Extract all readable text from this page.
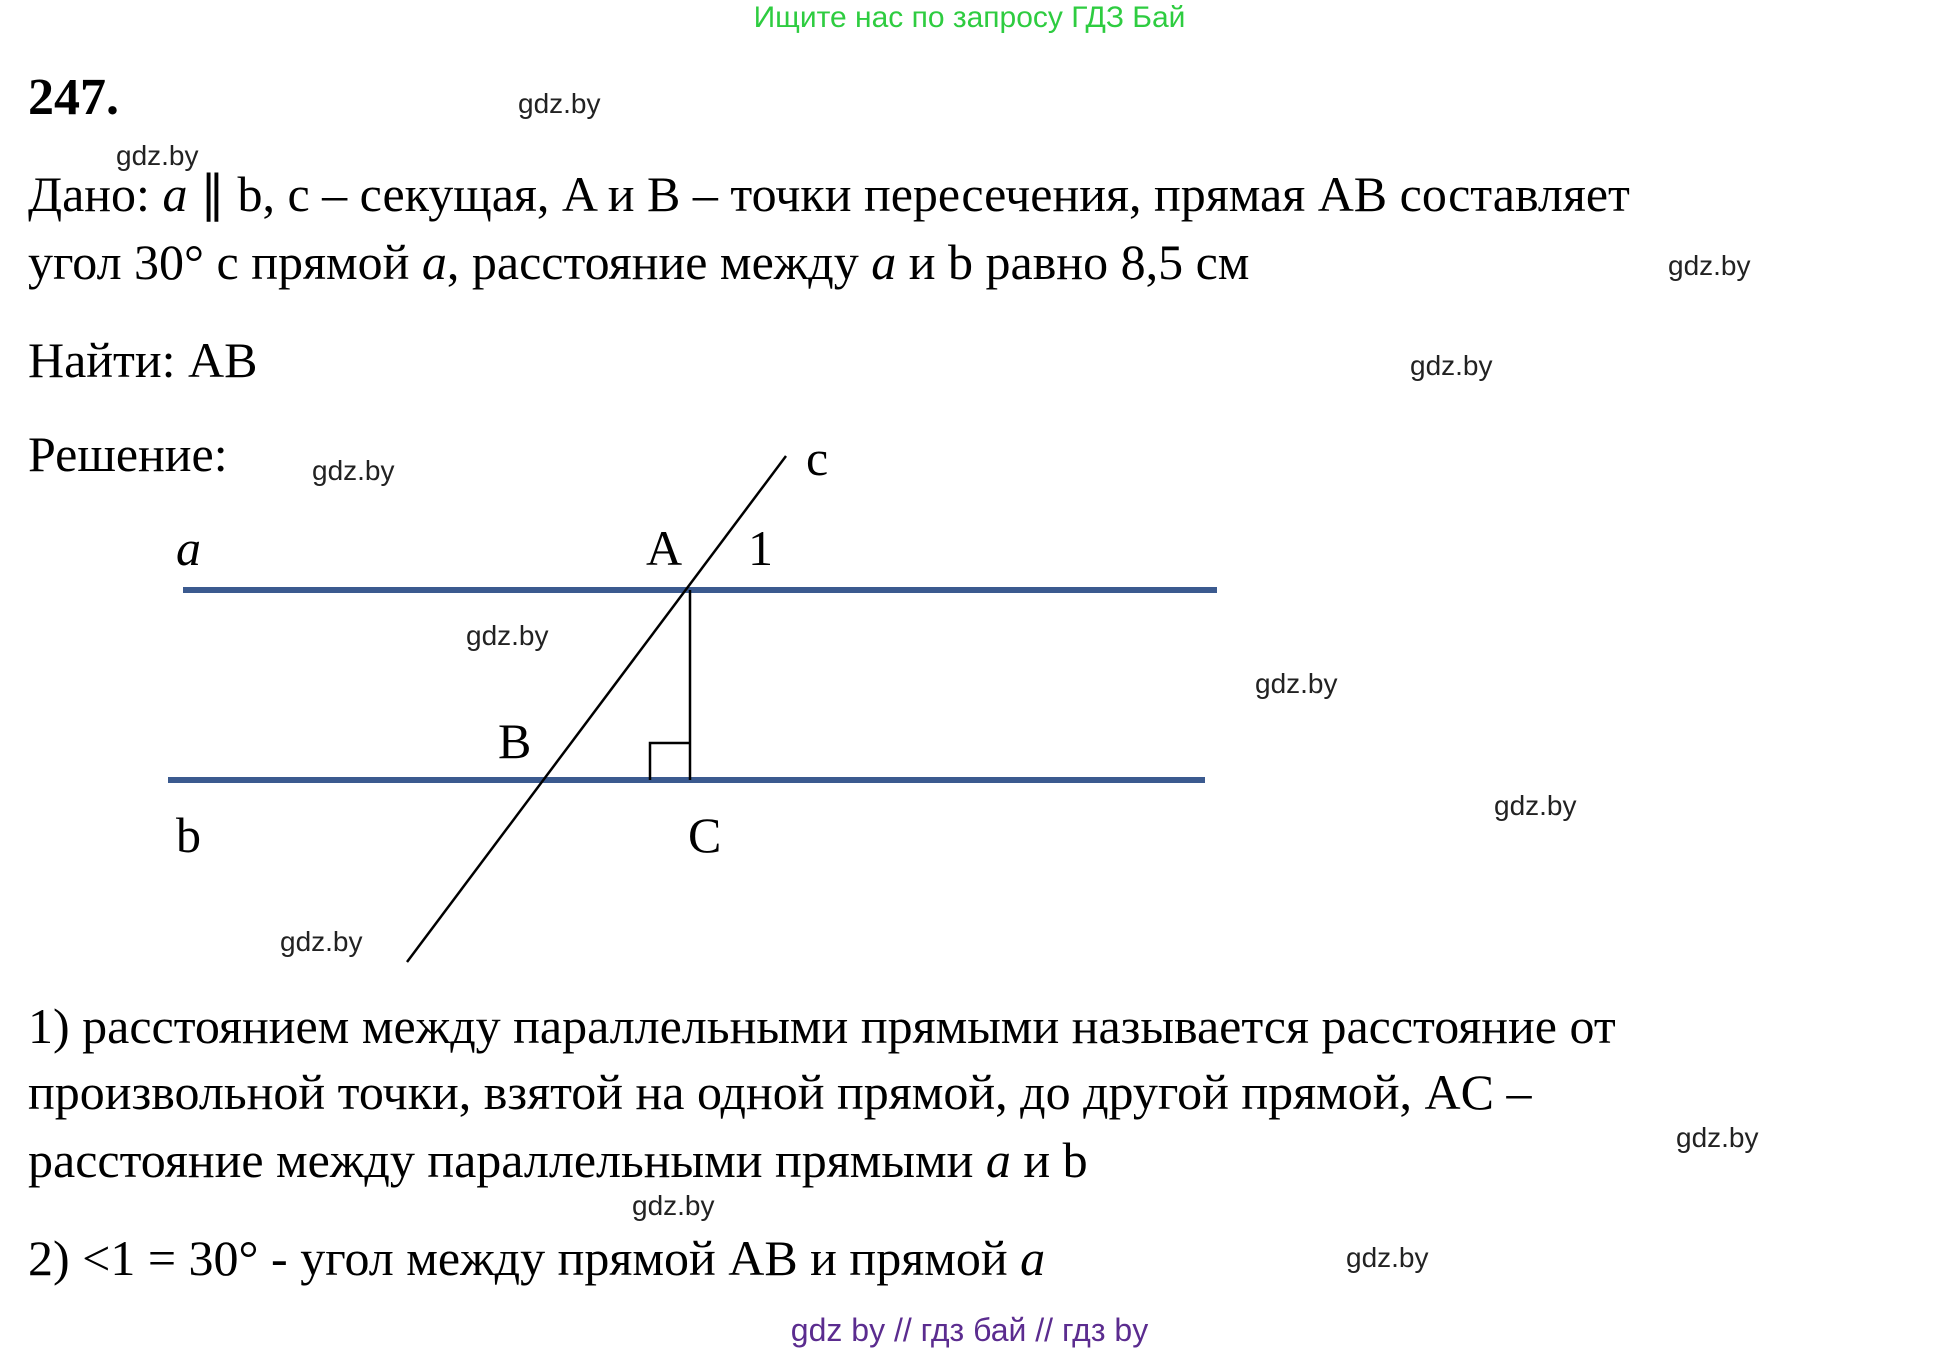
Ищите нас по запросу ГДЗ Бай
247.	gdz.by
gdz.by
gdz.by
gdz.by
gdz.by
gdz.by
gdz.by
gdz.by
gdz.by
gdz.by
gdz.by
gdz.by
Дано: a ∥ b, c – секущая, A и B – точки пересечения, прямая AB составляет
угол 30° с прямой a, расстояние между a и b равно 8,5 см
Найти: AB
Решение:
a
b
c
A 1
B
C
1) расстоянием между параллельными прямыми называется расстояние от
произвольной точки, взятой на одной прямой, до другой прямой, AC –
расстояние между параллельными прямыми a и b
2) <1 = 30° - угол между прямой AB и прямой a
gdz by // гдз бай // гдз by
